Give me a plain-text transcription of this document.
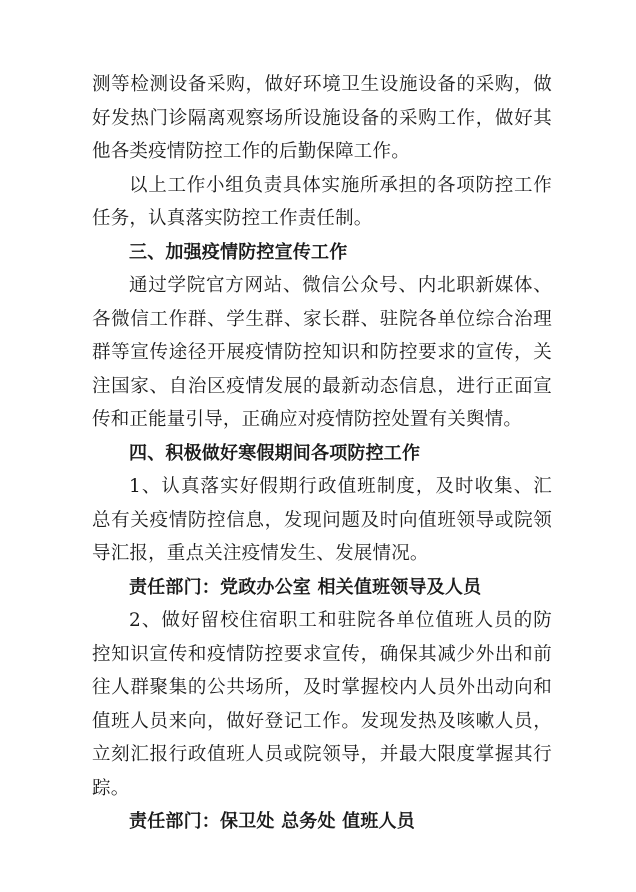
测等检测设备采购，做好环境卫生设施设备的采购，做好发热门诊隔离观察场所设施设备的采购工作，做好其他各类疫情防控工作的后勤保障工作。

以上工作小组负责具体实施所承担的各项防控工作任务，认真落实防控工作责任制。

三、加强疫情防控宣传工作

通过学院官方网站、微信公众号、内北职新媒体、各微信工作群、学生群、家长群、驻院各单位综合治理群等宣传途径开展疫情防控知识和防控要求的宣传，关注国家、自治区疫情发展的最新动态信息，进行正面宣传和正能量引导，正确应对疫情防控处置有关舆情。

四、积极做好寒假期间各项防控工作

1、认真落实好假期行政值班制度，及时收集、汇总有关疫情防控信息，发现问题及时向值班领导或院领导汇报，重点关注疫情发生、发展情况。

责任部门：党政办公室 相关值班领导及人员

2、做好留校住宿职工和驻院各单位值班人员的防控知识宣传和疫情防控要求宣传，确保其减少外出和前往人群聚集的公共场所，及时掌握校内人员外出动向和值班人员来向，做好登记工作。发现发热及咳嗽人员，立刻汇报行政值班人员或院领导，并最大限度掌握其行踪。

责任部门：保卫处 总务处 值班人员
